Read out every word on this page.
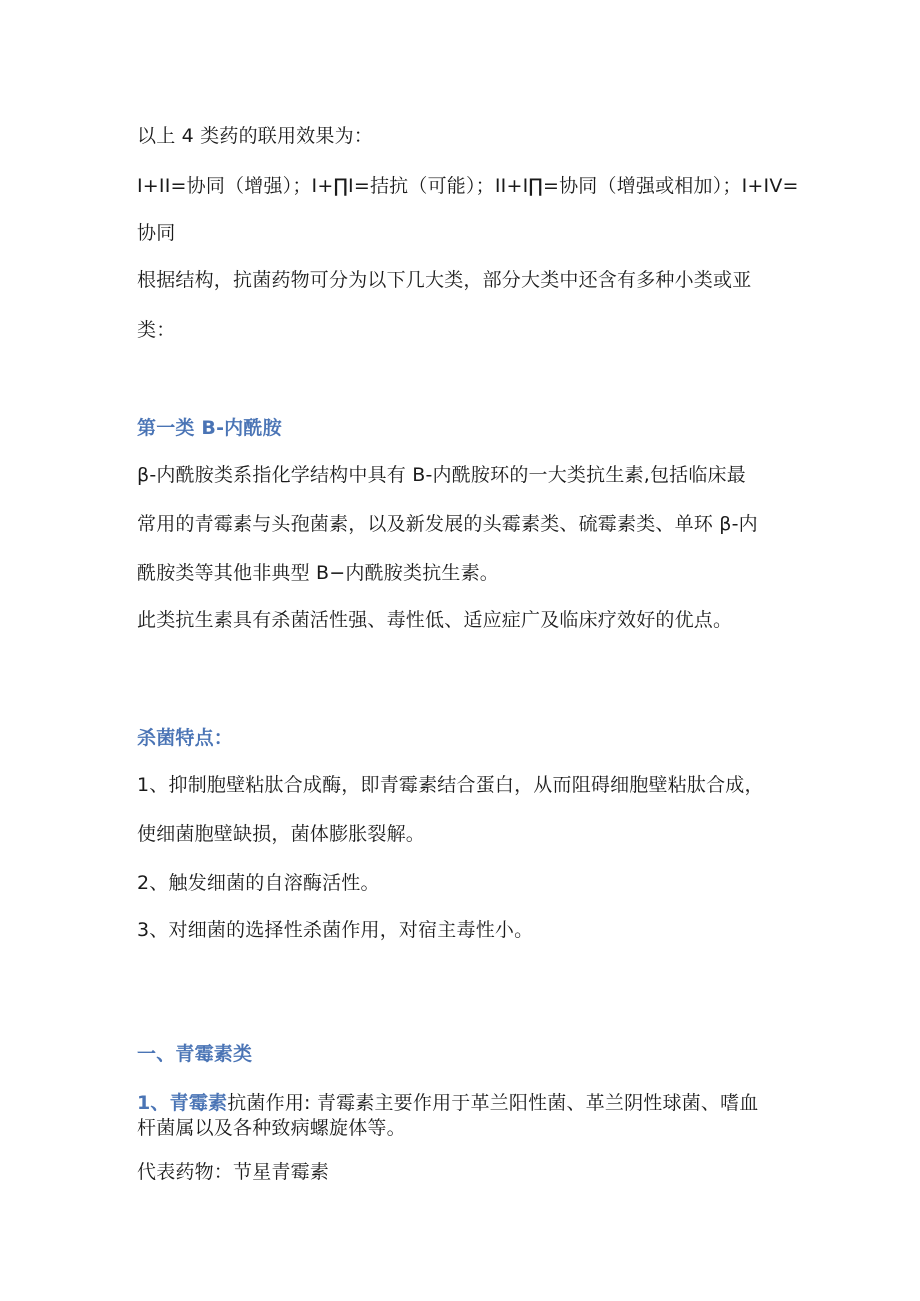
以上 4 类药的联用效果为：
I+II=协同（增强）；I+∏I=拮抗（可能）；II+I∏=协同（增强或相加）；I+IV=
协同
根据结构，抗菌药物可分为以下几大类，部分大类中还含有多种小类或亚
类：
第一类 B-内酰胺
β-内酰胺类系指化学结构中具有 B-内酰胺环的一大类抗生素,包括临床最
常用的青霉素与头孢菌素，以及新发展的头霉素类、硫霉素类、单环 β-内
酰胺类等其他非典型 B−内酰胺类抗生素。
此类抗生素具有杀菌活性强、毒性低、适应症广及临床疗效好的优点。
杀菌特点：
1、抑制胞壁粘肽合成酶，即青霉素结合蛋白，从而阻碍细胞壁粘肽合成，
使细菌胞壁缺损，菌体膨胀裂解。
2、触发细菌的自溶酶活性。
3、对细菌的选择性杀菌作用，对宿主毒性小。
一、青霉素类
1、青霉素抗菌作用: 青霉素主要作用于革兰阳性菌、革兰阴性球菌、嗜血
杆菌属以及各种致病螺旋体等。
代表药物：节星青霉素
